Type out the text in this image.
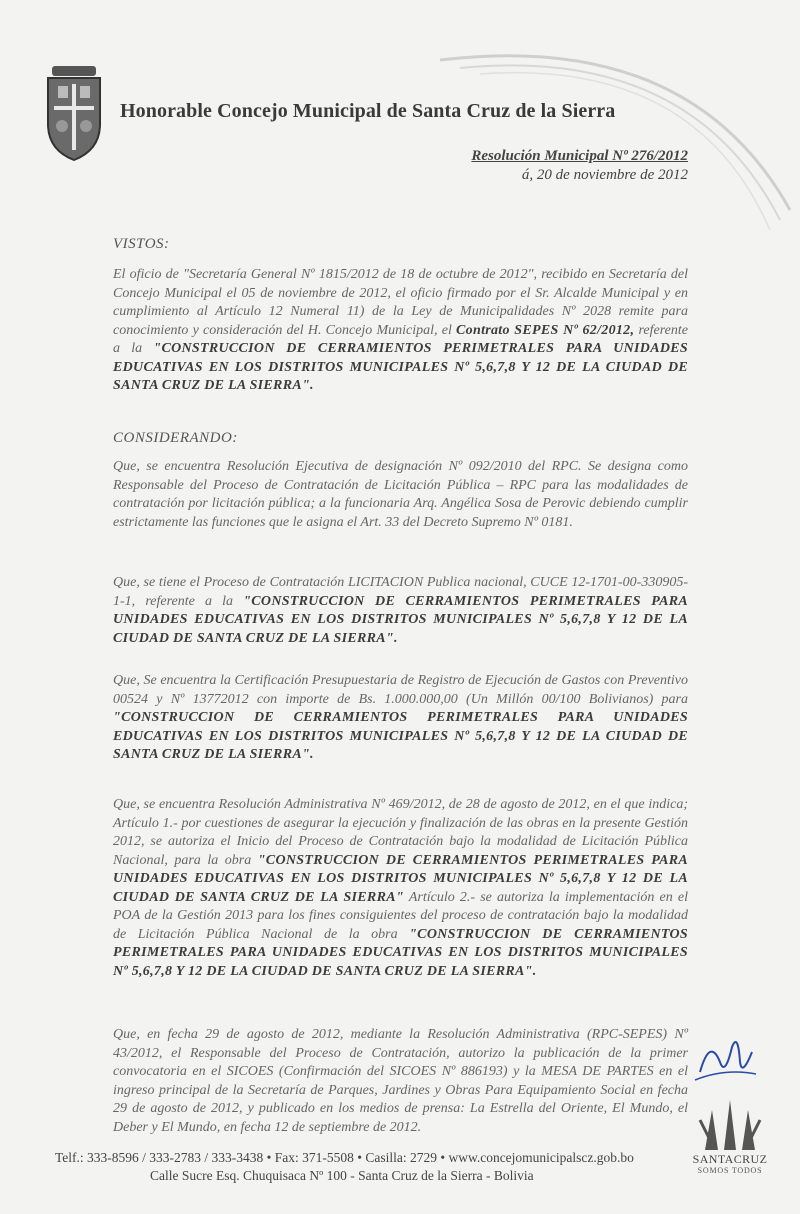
Honorable Concejo Municipal de Santa Cruz de la Sierra
Resolución Municipal Nº 276/2012
á, 20 de noviembre de 2012
VISTOS:
El oficio de "Secretaría General Nº 1815/2012 de 18 de octubre de 2012", recibido en Secretaría del Concejo Municipal el 05 de noviembre de 2012, el oficio firmado por el Sr. Alcalde Municipal y en cumplimiento al Artículo 12 Numeral 11) de la Ley de Municipalidades Nº 2028 remite para conocimiento y consideración del H. Concejo Municipal, el Contrato SEPES Nº 62/2012, referente a la "CONSTRUCCION DE CERRAMIENTOS PERIMETRALES PARA UNIDADES EDUCATIVAS EN LOS DISTRITOS MUNICIPALES Nº 5,6,7,8 Y 12 DE LA CIUDAD DE SANTA CRUZ DE LA SIERRA".
CONSIDERANDO:
Que, se encuentra Resolución Ejecutiva de designación Nº 092/2010 del RPC. Se designa como Responsable del Proceso de Contratación de Licitación Pública – RPC para las modalidades de contratación por licitación pública; a la funcionaria Arq. Angélica Sosa de Perovic debiendo cumplir estrictamente las funciones que le asigna el Art. 33 del Decreto Supremo Nº 0181.
Que, se tiene el Proceso de Contratación LICITACION Publica nacional, CUCE 12-1701-00-330905-1-1, referente a la "CONSTRUCCION DE CERRAMIENTOS PERIMETRALES PARA UNIDADES EDUCATIVAS EN LOS DISTRITOS MUNICIPALES Nº 5,6,7,8 Y 12 DE LA CIUDAD DE SANTA CRUZ DE LA SIERRA".
Que, Se encuentra la Certificación Presupuestaria de Registro de Ejecución de Gastos con Preventivo 00524 y Nº 13772012 con importe de Bs. 1.000.000,00 (Un Millón 00/100 Bolivianos) para "CONSTRUCCION DE CERRAMIENTOS PERIMETRALES PARA UNIDADES EDUCATIVAS EN LOS DISTRITOS MUNICIPALES Nº 5,6,7,8 Y 12 DE LA CIUDAD DE SANTA CRUZ DE LA SIERRA".
Que, se encuentra Resolución Administrativa Nº 469/2012, de 28 de agosto de 2012, en el que indica; Artículo 1.- por cuestiones de asegurar la ejecución y finalización de las obras en la presente Gestión 2012, se autoriza el Inicio del Proceso de Contratación bajo la modalidad de Licitación Pública Nacional, para la obra "CONSTRUCCION DE CERRAMIENTOS PERIMETRALES PARA UNIDADES EDUCATIVAS EN LOS DISTRITOS MUNICIPALES Nº 5,6,7,8 Y 12 DE LA CIUDAD DE SANTA CRUZ DE LA SIERRA" Artículo 2.- se autoriza la implementación en el POA de la Gestión 2013 para los fines consiguientes del proceso de contratación bajo la modalidad de Licitación Pública Nacional de la obra "CONSTRUCCION DE CERRAMIENTOS PERIMETRALES PARA UNIDADES EDUCATIVAS EN LOS DISTRITOS MUNICIPALES Nº 5,6,7,8 Y 12 DE LA CIUDAD DE SANTA CRUZ DE LA SIERRA".
Que, en fecha 29 de agosto de 2012, mediante la Resolución Administrativa (RPC-SEPES) Nº 43/2012, el Responsable del Proceso de Contratación, autorizo la publicación de la primer convocatoria en el SICOES (Confirmación del SICOES Nº 886193) y la MESA DE PARTES en el ingreso principal de la Secretaría de Parques, Jardines y Obras Para Equipamiento Social en fecha 29 de agosto de 2012, y publicado en los medios de prensa: La Estrella del Oriente, El Mundo, el Deber y El Mundo, en fecha 12 de septiembre de 2012.
SANTACRUZ
SOMOS TODOS
Telf.: 333-8596 / 333-2783 / 333-3438 • Fax: 371-5508 • Casilla: 2729 • www.concejomunicipalscz.gob.bo
Calle Sucre Esq. Chuquisaca Nº 100 - Santa Cruz de la Sierra - Bolivia
